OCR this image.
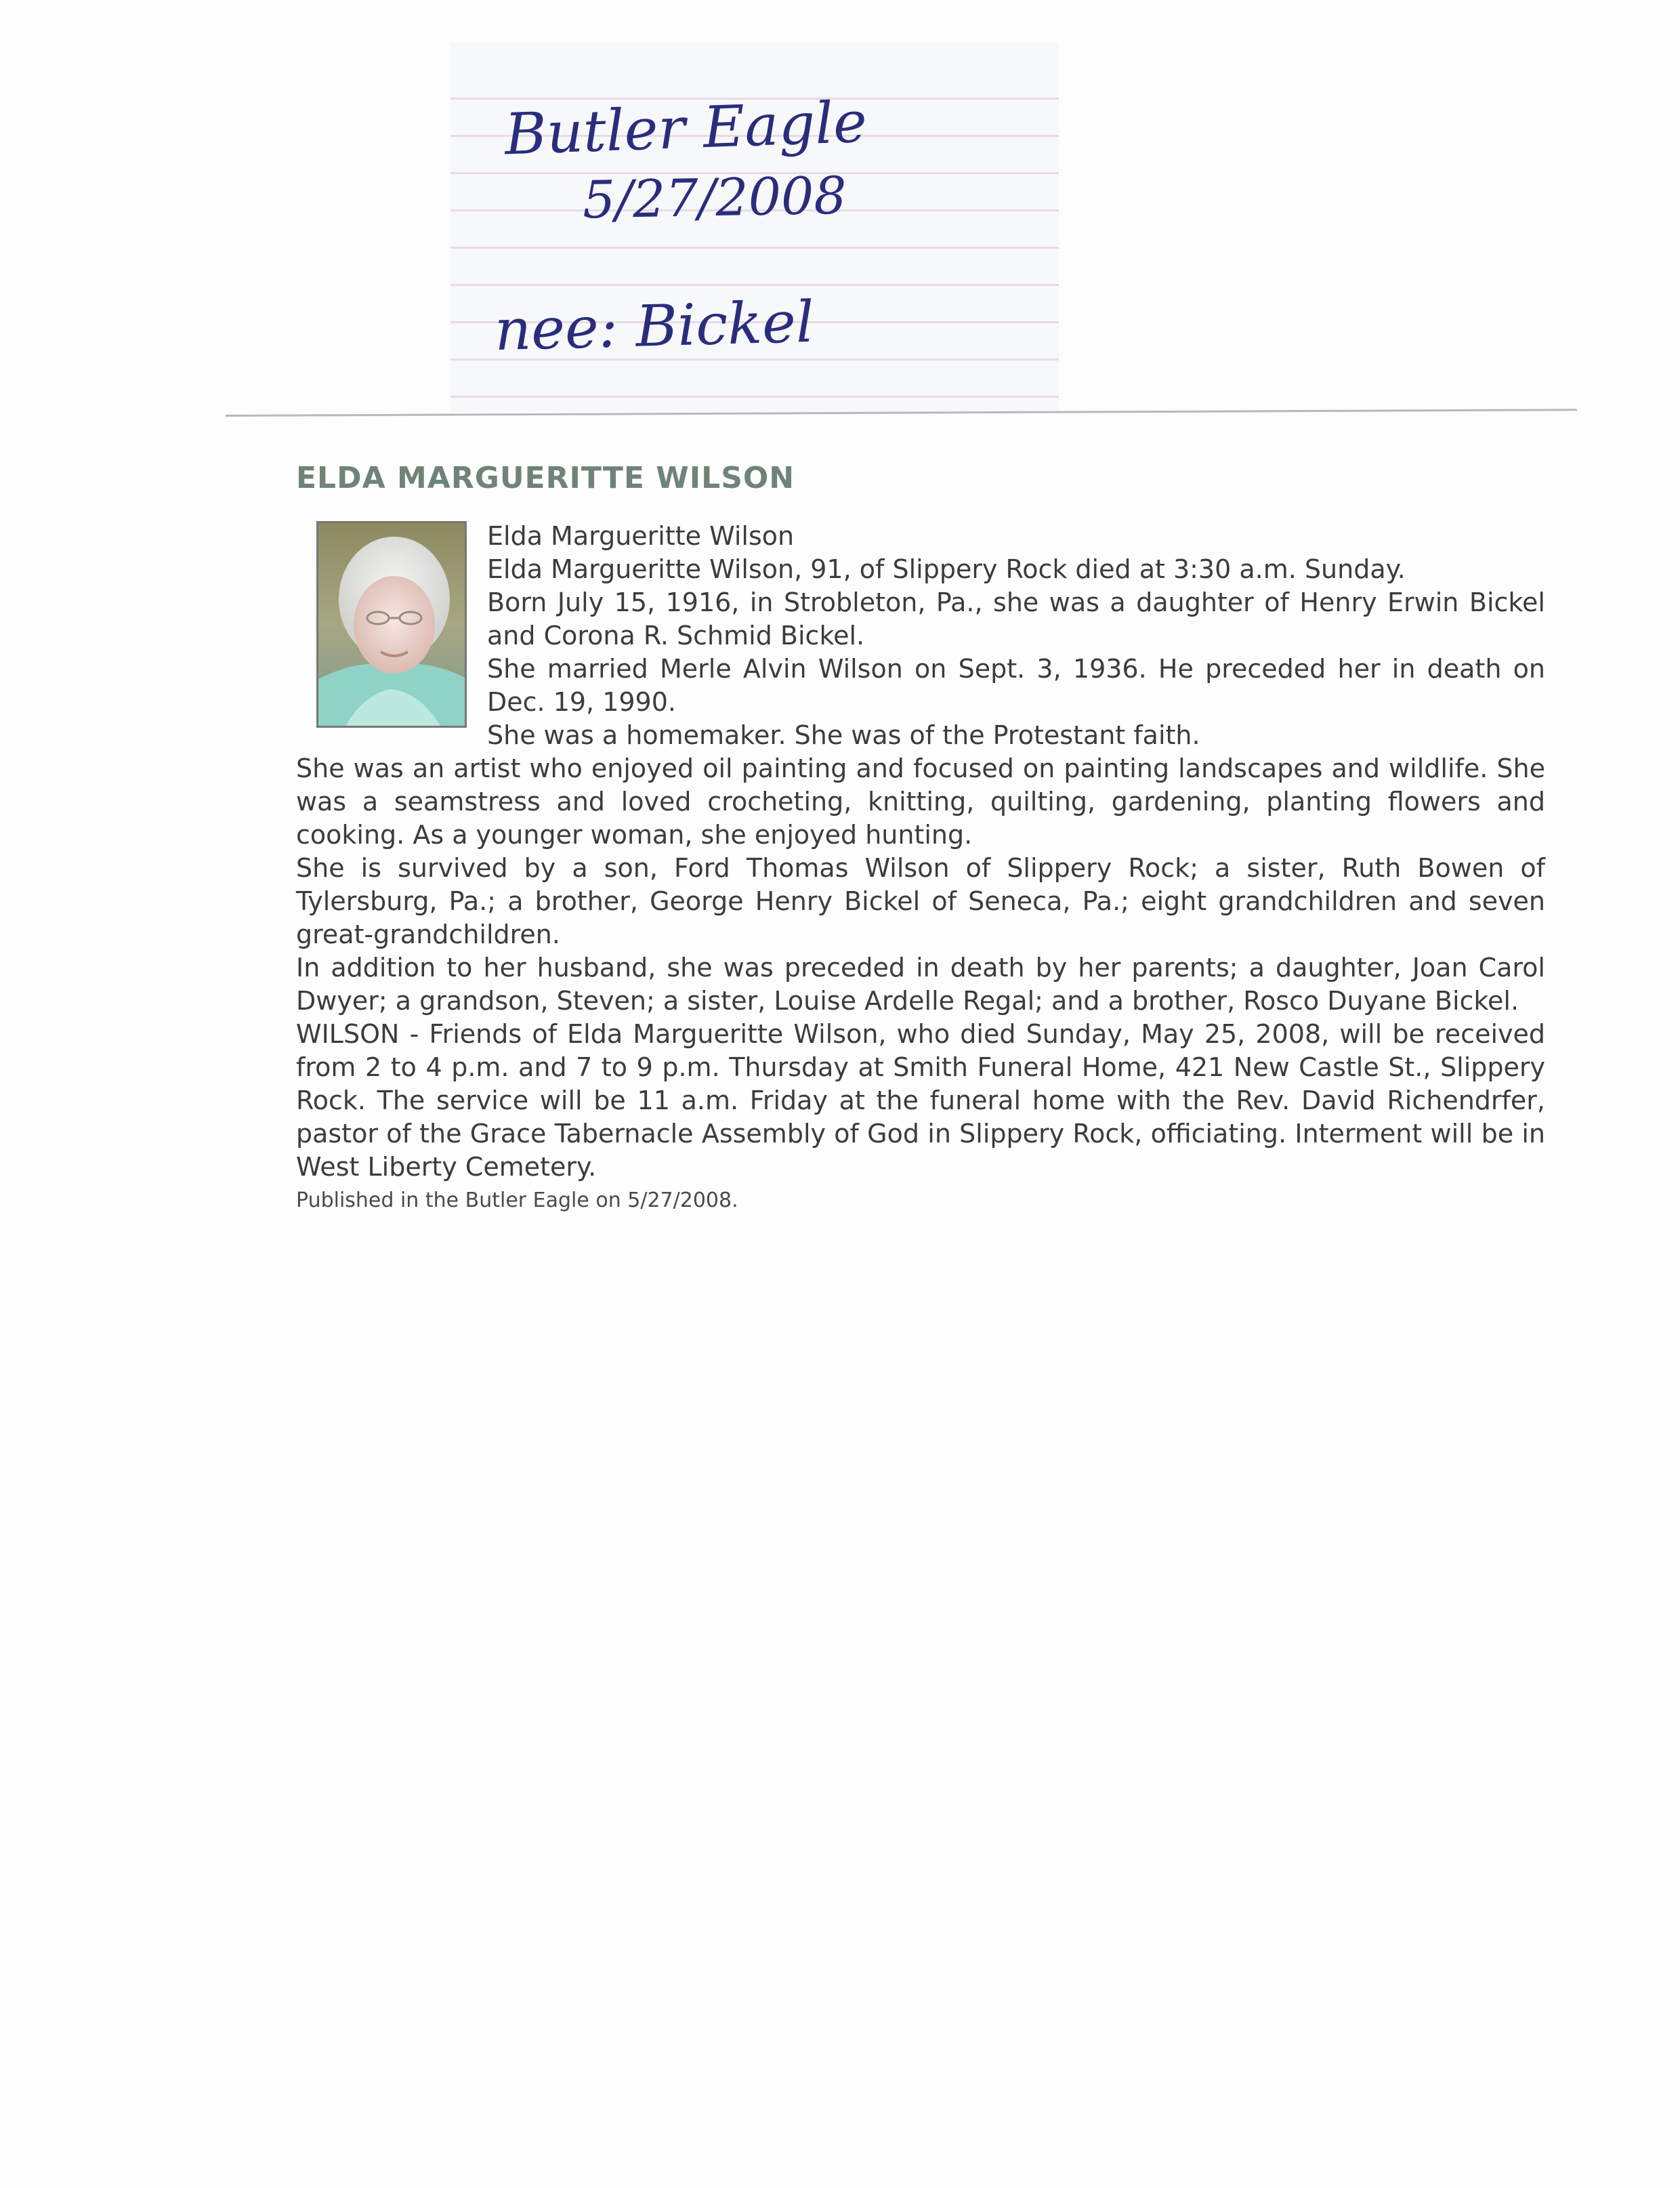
Butler Eagle
5/27/2008
nee: Bickel
ELDA MARGUERITTE WILSON

Elda Margueritte Wilson

Elda Margueritte Wilson, 91, of Slippery Rock died at 3:30 a.m. Sunday.

Born July 15, 1916, in Strobleton, Pa., she was a daughter of Henry Erwin Bickel and Corona R. Schmid Bickel.

She married Merle Alvin Wilson on Sept. 3, 1936. He preceded her in death on Dec. 19, 1990.

She was a homemaker. She was of the Protestant faith.

She was an artist who enjoyed oil painting and focused on painting landscapes and wildlife. She was a seamstress and loved crocheting, knitting, quilting, gardening, planting flowers and cooking. As a younger woman, she enjoyed hunting.

She is survived by a son, Ford Thomas Wilson of Slippery Rock; a sister, Ruth Bowen of Tylersburg, Pa.; a brother, George Henry Bickel of Seneca, Pa.; eight grandchildren and seven great-grandchildren.

In addition to her husband, she was preceded in death by her parents; a daughter, Joan Carol Dwyer; a grandson, Steven; a sister, Louise Ardelle Regal; and a brother, Rosco Duyane Bickel.

WILSON - Friends of Elda Margueritte Wilson, who died Sunday, May 25, 2008, will be received from 2 to 4 p.m. and 7 to 9 p.m. Thursday at Smith Funeral Home, 421 New Castle St., Slippery Rock. The service will be 11 a.m. Friday at the funeral home with the Rev. David Richendrfer, pastor of the Grace Tabernacle Assembly of God in Slippery Rock, officiating. Interment will be in West Liberty Cemetery.

Published in the Butler Eagle on 5/27/2008.
